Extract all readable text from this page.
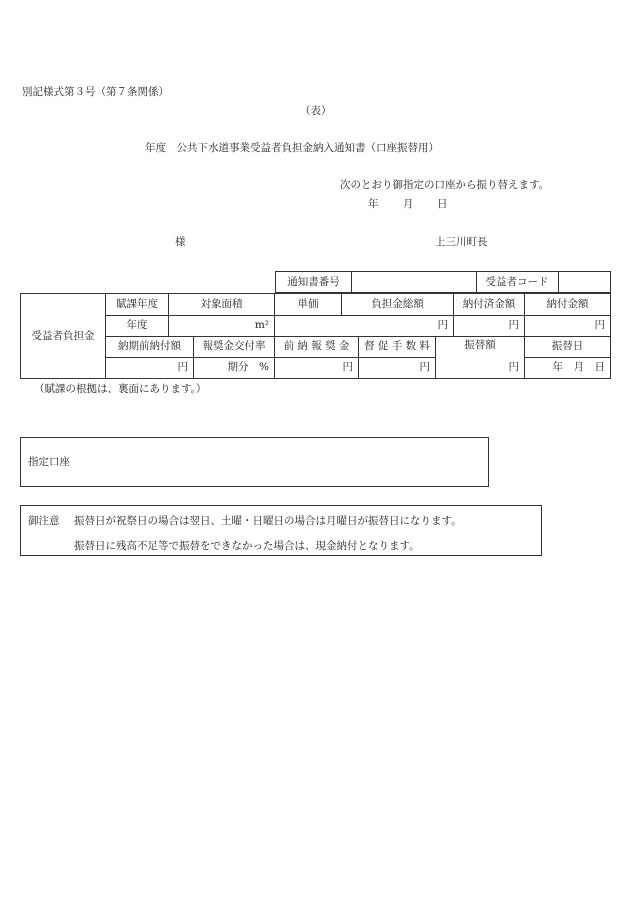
別記様式第３号（第７条関係）
（表）
年度　公共下水道事業受益者負担金納入通知書（口座振替用）
次のとおり御指定の口座から振り替えます。
年 月 日
様	上三川町長
通知書番号	受益者コード
受益者負担金
賦課年度	対象面積	単価	負担金総額	納付済金額	納付金額
年度	m²	円	円	円
納期前納付額	報奨金交付率	前 納 報 奨 金	督 促 手 数 料	振替額	振替日
円	期分　%	円	円	円	年　月　日
（賦課の根拠は、裏面にあります。）
指定口座
御注意 振替日が祝祭日の場合は翌日、土曜・日曜日の場合は月曜日が振替日になります。
振替日に残高不足等で振替をできなかった場合は、現金納付となります。
